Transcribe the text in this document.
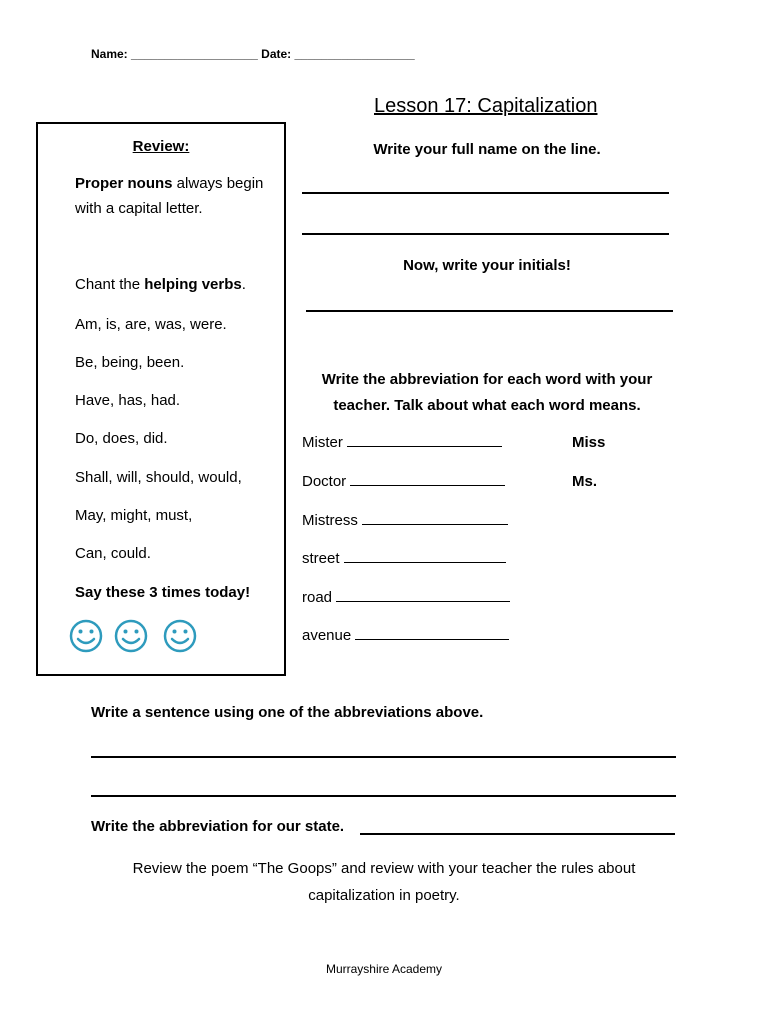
Name: ___________________ Date: __________________
Lesson 17: Capitalization
Review:
Proper nouns always begin
with a capital letter.
Chant the helping verbs.
Am, is, are, was, were.
Be, being, been.
Have, has, had.
Do, does, did.
Shall, will, should, would,
May, might, must,
Can, could.
Say these 3 times today!
Write your full name on the line.
Now, write your initials!
Write the abbreviation for each word with your
teacher. Talk about what each word means.
Mister
Doctor
Mistress
street
road
avenue
Miss
Ms.
Write a sentence using one of the abbreviations above.
Write the abbreviation for our state.
Review the poem “The Goops” and review with your teacher the rules about capitalization in poetry.
Murrayshire Academy
